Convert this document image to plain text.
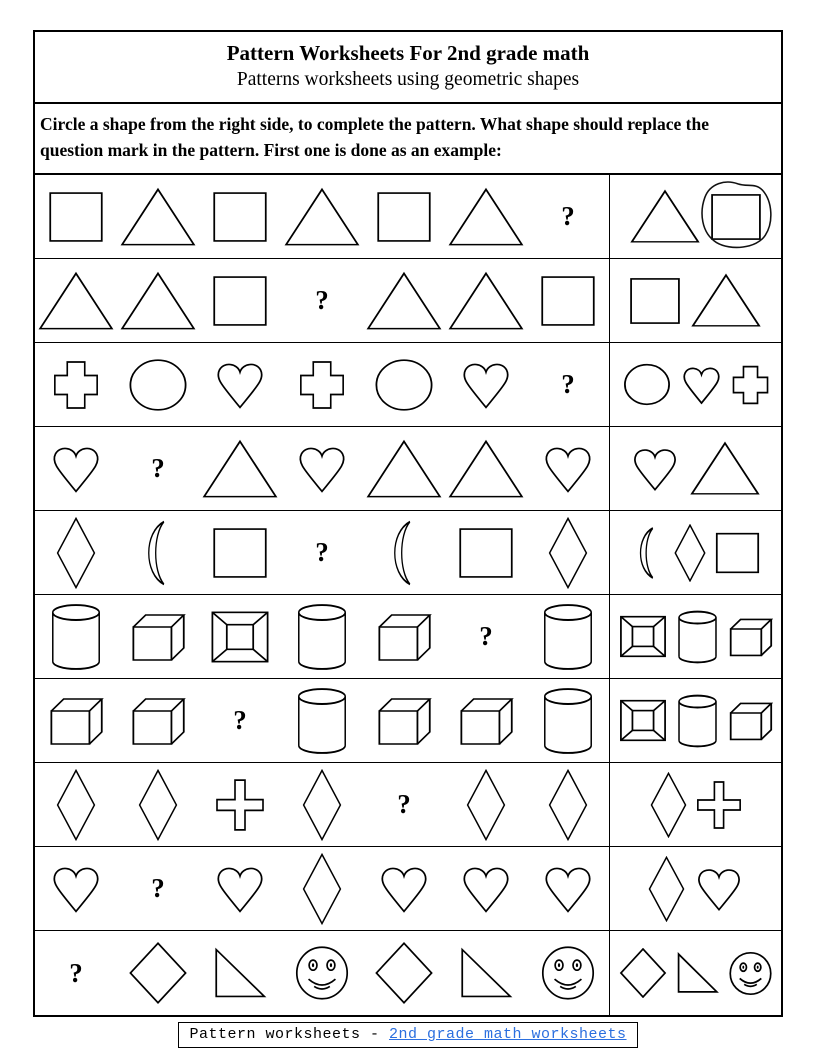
Pattern Worksheets For 2nd grade math
Patterns worksheets using geometric shapes
Circle a shape from the right side, to complete the pattern. What shape should replace the question mark in the pattern. First one is done as an example:
?
?
?
?
?
?
?
?
?
?
Pattern worksheets - 2nd grade math worksheets
